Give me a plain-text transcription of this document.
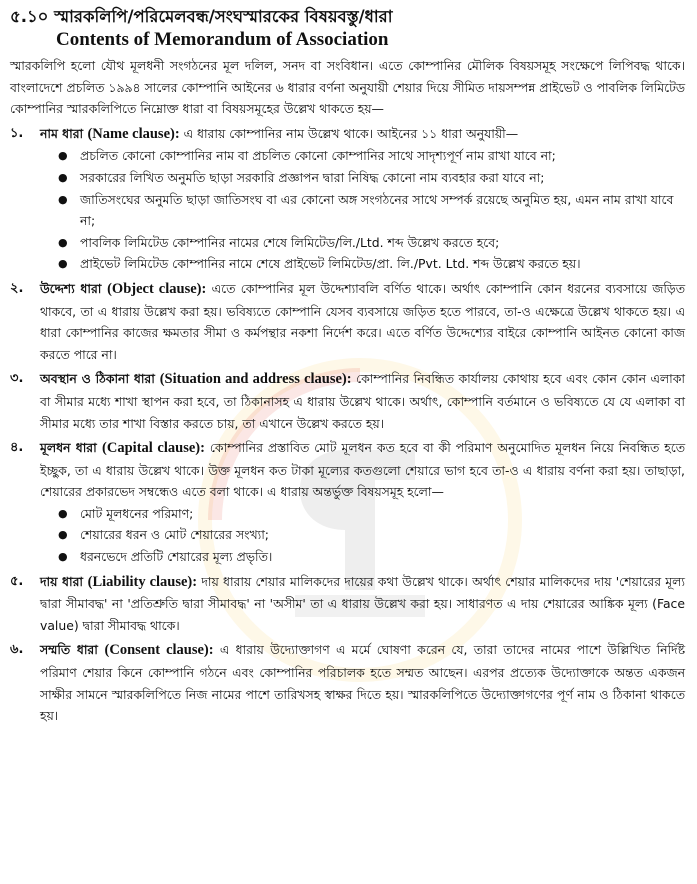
৫.১০ স্মারকলিপি/পরিমেলবন্ধ/সংঘস্মারকের বিষয়বস্তু/ধারা
Contents of Memorandum of Association

স্মারকলিপি হলো যৌথ মূলধনী সংগঠনের মূল দলিল, সনদ বা সংবিধান। এতে কোম্পানির মৌলিক বিষয়সমূহ সংক্ষেপে লিপিবদ্ধ থাকে। বাংলাদেশে প্রচলিত ১৯৯৪ সালের কোম্পানি আইনের ৬ ধারার বর্ণনা অনুযায়ী শেয়ার দিয়ে সীমিত দায়সম্পন্ন প্রাইভেট ও পাবলিক লিমিটেড কোম্পানির স্মারকলিপিতে নিম্নোক্ত ধারা বা বিষয়সমূহের উল্লেখ থাকতে হয়—

১.	নাম ধারা (Name clause): এ ধারায় কোম্পানির নাম উল্লেখ থাকে। আইনের ১১ ধারা অনুযায়ী—

● প্রচলিত কোনো কোম্পানির নাম বা প্রচলিত কোনো কোম্পানির সাথে সাদৃশ্যপূর্ণ নাম রাখা যাবে না;
● সরকারের লিখিত অনুমতি ছাড়া সরকারি প্রজ্ঞাপন দ্বারা নিষিদ্ধ কোনো নাম ব্যবহার করা যাবে না;
● জাতিসংঘের অনুমতি ছাড়া জাতিসংঘ বা এর কোনো অঙ্গ সংগঠনের সাথে সম্পর্ক রয়েছে অনুমিত হয়, এমন নাম রাখা যাবে না;
● পাবলিক লিমিটেড কোম্পানির নামের শেষে লিমিটেড/লি./Ltd. শব্দ উল্লেখ করতে হবে;
● প্রাইভেট লিমিটেড কোম্পানির নামে শেষে প্রাইভেট লিমিটেড/প্রা. লি./Pvt. Ltd. শব্দ উল্লেখ করতে হয়।
২.	উদ্দেশ্য ধারা (Object clause): এতে কোম্পানির মূল উদ্দেশ্যাবলি বর্ণিত থাকে। অর্থাৎ কোম্পানি কোন ধরনের ব্যবসায়ে জড়িত থাকবে, তা এ ধারায় উল্লেখ করা হয়। ভবিষ্যতে কোম্পানি যেসব ব্যবসায়ে জড়িত হতে পারবে, তা-ও এক্ষেত্রে উল্লেখ থাকতে হয়। এ ধারা কোম্পানির কাজের ক্ষমতার সীমা ও কর্মপন্থার নকশা নির্দেশ করে। এতে বর্ণিত উদ্দেশ্যের বাইরে কোম্পানি আইনত কোনো কাজ করতে পারে না।

৩.	অবস্থান ও ঠিকানা ধারা (Situation and address clause): কোম্পানির নিবন্ধিত কার্যালয় কোথায় হবে এবং কোন কোন এলাকা বা সীমার মধ্যে শাখা স্থাপন করা হবে, তা ঠিকানাসহ এ ধারায় উল্লেখ থাকে। অর্থাৎ, কোম্পানি বর্তমানে ও ভবিষ্যতে যে যে এলাকা বা সীমার মধ্যে তার শাখা বিস্তার করতে চায়, তা এখানে উল্লেখ করতে হয়।

৪.	মূলধন ধারা (Capital clause): কোম্পানির প্রস্তাবিত মোট মূলধন কত হবে বা কী পরিমাণ অনুমোদিত মূলধন নিয়ে নিবন্ধিত হতে ইচ্ছুক, তা এ ধারায় উল্লেখ থাকে। উক্ত মূলধন কত টাকা মূল্যের কতগুলো শেয়ারে ভাগ হবে তা-ও এ ধারায় বর্ণনা করা হয়। তাছাড়া, শেয়ারের প্রকারভেদ সম্বন্ধেও এতে বলা থাকে। এ ধারায় অন্তর্ভুক্ত বিষয়সমূহ হলো—

● মোট মূলধনের পরিমাণ;
● শেয়ারের ধরন ও মোট শেয়ারের সংখ্যা;
● ধরনভেদে প্রতিটি শেয়ারের মূল্য প্রভৃতি।
৫.	দায় ধারা (Liability clause): দায় ধারায় শেয়ার মালিকদের দায়ের কথা উল্লেখ থাকে। অর্থাৎ শেয়ার মালিকদের দায় 'শেয়ারের মূল্য দ্বারা সীমাবদ্ধ' না 'প্রতিশ্রুতি দ্বারা সীমাবদ্ধ' না 'অসীম' তা এ ধারায় উল্লেখ করা হয়। সাধারণত এ দায় শেয়ারের আঙ্কিক মূল্য (Face value) দ্বারা সীমাবদ্ধ থাকে।

৬.	সম্মতি ধারা (Consent clause): এ ধারায় উদ্যোক্তাগণ এ মর্মে ঘোষণা করেন যে, তারা তাদের নামের পাশে উল্লিখিত নির্দিষ্ট পরিমাণ শেয়ার কিনে কোম্পানি গঠনে এবং কোম্পানির পরিচালক হতে সম্মত আছেন। এরপর প্রত্যেক উদ্যোক্তাকে অন্তত একজন সাক্ষীর সামনে স্মারকলিপিতে নিজ নামের পাশে তারিখসহ স্বাক্ষর দিতে হয়। স্মারকলিপিতে উদ্যোক্তাগণের পূর্ণ নাম ও ঠিকানা থাকতে হয়।
